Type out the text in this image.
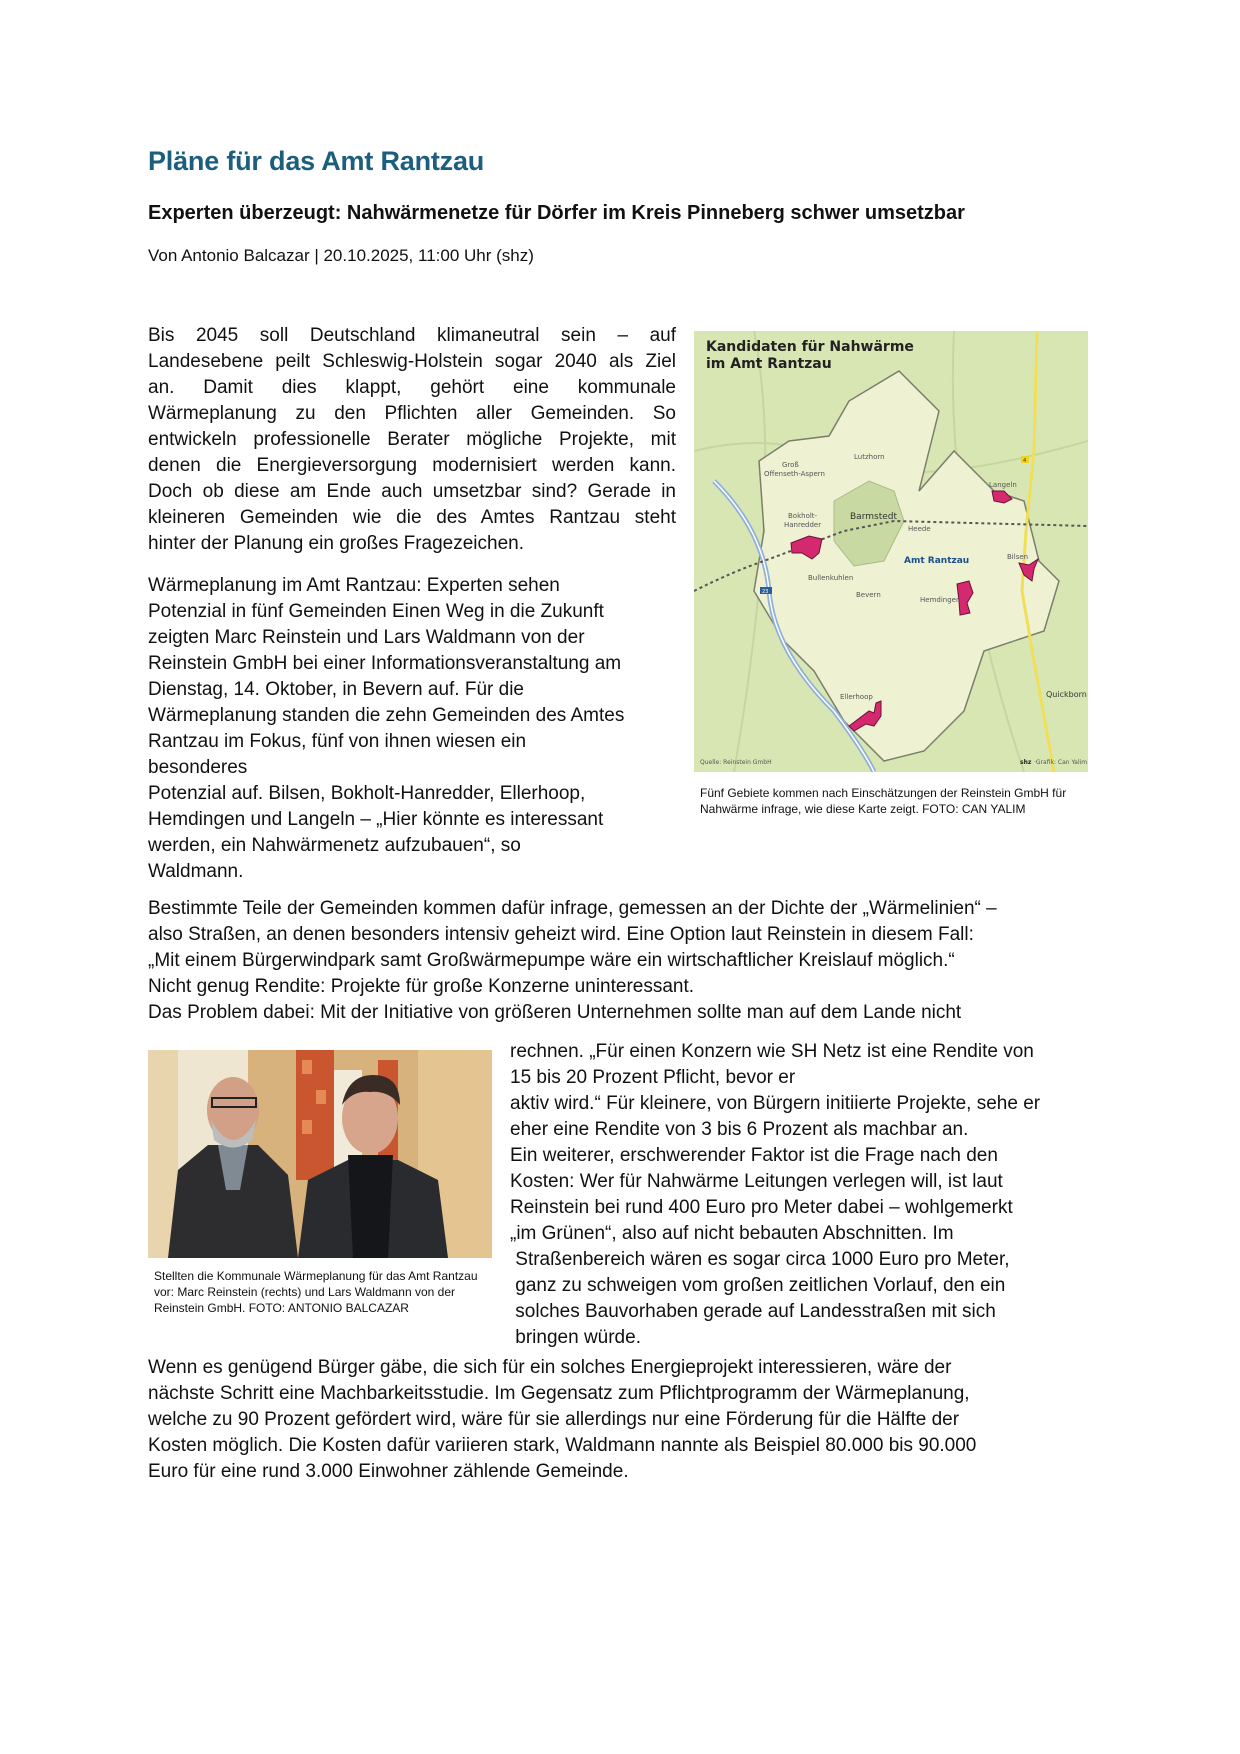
Pläne für das Amt Rantzau
Experten überzeugt: Nahwärmenetze für Dörfer im Kreis Pinneberg schwer umsetzbar
Von Antonio Balcazar | 20.10.2025, 11:00 Uhr (shz)
Bis 2045 soll Deutschland klimaneutral sein – auf
Landesebene peilt Schleswig-Holstein sogar 2040 als Ziel
an. Damit dies klappt, gehört eine kommunale
Wärmeplanung zu den Pflichten aller Gemeinden. So
entwickeln professionelle Berater mögliche Projekte, mit
denen die Energieversorgung modernisiert werden kann.
Doch ob diese am Ende auch umsetzbar sind? Gerade in
kleineren Gemeinden wie die des Amtes Rantzau steht
hinter der Planung ein großes Fragezeichen.
Wärmeplanung im Amt Rantzau: Experten sehen
Potenzial in fünf Gemeinden Einen Weg in die Zukunft
zeigten Marc Reinstein und Lars Waldmann von der
Reinstein GmbH bei einer Informationsveranstaltung am
Dienstag, 14. Oktober, in Bevern auf. Für die
Wärmeplanung standen die zehn Gemeinden des Amtes
Rantzau im Fokus, fünf von ihnen wiesen ein
besonderes
Potenzial auf. Bilsen, Bokholt-Hanredder, Ellerhoop,
Hemdingen und Langeln – „Hier könnte es interessant
werden, ein Nahwärmenetz aufzubauen“, so
Waldmann.
Kandidaten für Nahwärme
im Amt Rantzau
Groß
Offenseth-Aspern
Lutzhorn
Bokholt-
Hanredder
Langeln
Heede
Bilsen
Bullenkuhlen
Hemdingen
Bevern
Ellerhoop
Quelle: Reinstein GmbH	shz ·Grafik: Can Yalim
Barmstedt
Quickborn
Amt Rantzau
23
4
Fünf Gebiete kommen nach Einschätzungen der Reinstein GmbH für Nahwärme infrage, wie diese Karte zeigt. FOTO: CAN YALIM
Bestimmte Teile der Gemeinden kommen dafür infrage, gemessen an der Dichte der „Wärmelinien“ –
also Straßen, an denen besonders intensiv geheizt wird. Eine Option laut Reinstein in diesem Fall:
„Mit einem Bürgerwindpark samt Großwärmepumpe wäre ein wirtschaftlicher Kreislauf möglich.“
Nicht genug Rendite: Projekte für große Konzerne uninteressant.
Das Problem dabei: Mit der Initiative von größeren Unternehmen sollte man auf dem Lande nicht
Stellten die Kommunale Wärmeplanung für das Amt Rantzau vor: Marc Reinstein (rechts) und Lars Waldmann von der Reinstein GmbH. FOTO: ANTONIO BALCAZAR
rechnen. „Für einen Konzern wie SH Netz ist eine Rendite von
15 bis 20 Prozent Pflicht, bevor er
aktiv wird.“ Für kleinere, von Bürgern initiierte Projekte, sehe er
eher eine Rendite von 3 bis 6 Prozent als machbar an.
Ein weiterer, erschwerender Faktor ist die Frage nach den
Kosten: Wer für Nahwärme Leitungen verlegen will, ist laut
Reinstein bei rund 400 Euro pro Meter dabei – wohlgemerkt
„im Grünen“, also auf nicht bebauten Abschnitten. Im
Straßenbereich wären es sogar circa 1000 Euro pro Meter,
ganz zu schweigen vom großen zeitlichen Vorlauf, den ein
solches Bauvorhaben gerade auf Landesstraßen mit sich
bringen würde.
Wenn es genügend Bürger gäbe, die sich für ein solches Energieprojekt interessieren, wäre der
nächste Schritt eine Machbarkeitsstudie. Im Gegensatz zum Pflichtprogramm der Wärmeplanung,
welche zu 90 Prozent gefördert wird, wäre für sie allerdings nur eine Förderung für die Hälfte der
Kosten möglich. Die Kosten dafür variieren stark, Waldmann nannte als Beispiel 80.000 bis 90.000
Euro für eine rund 3.000 Einwohner zählende Gemeinde.
